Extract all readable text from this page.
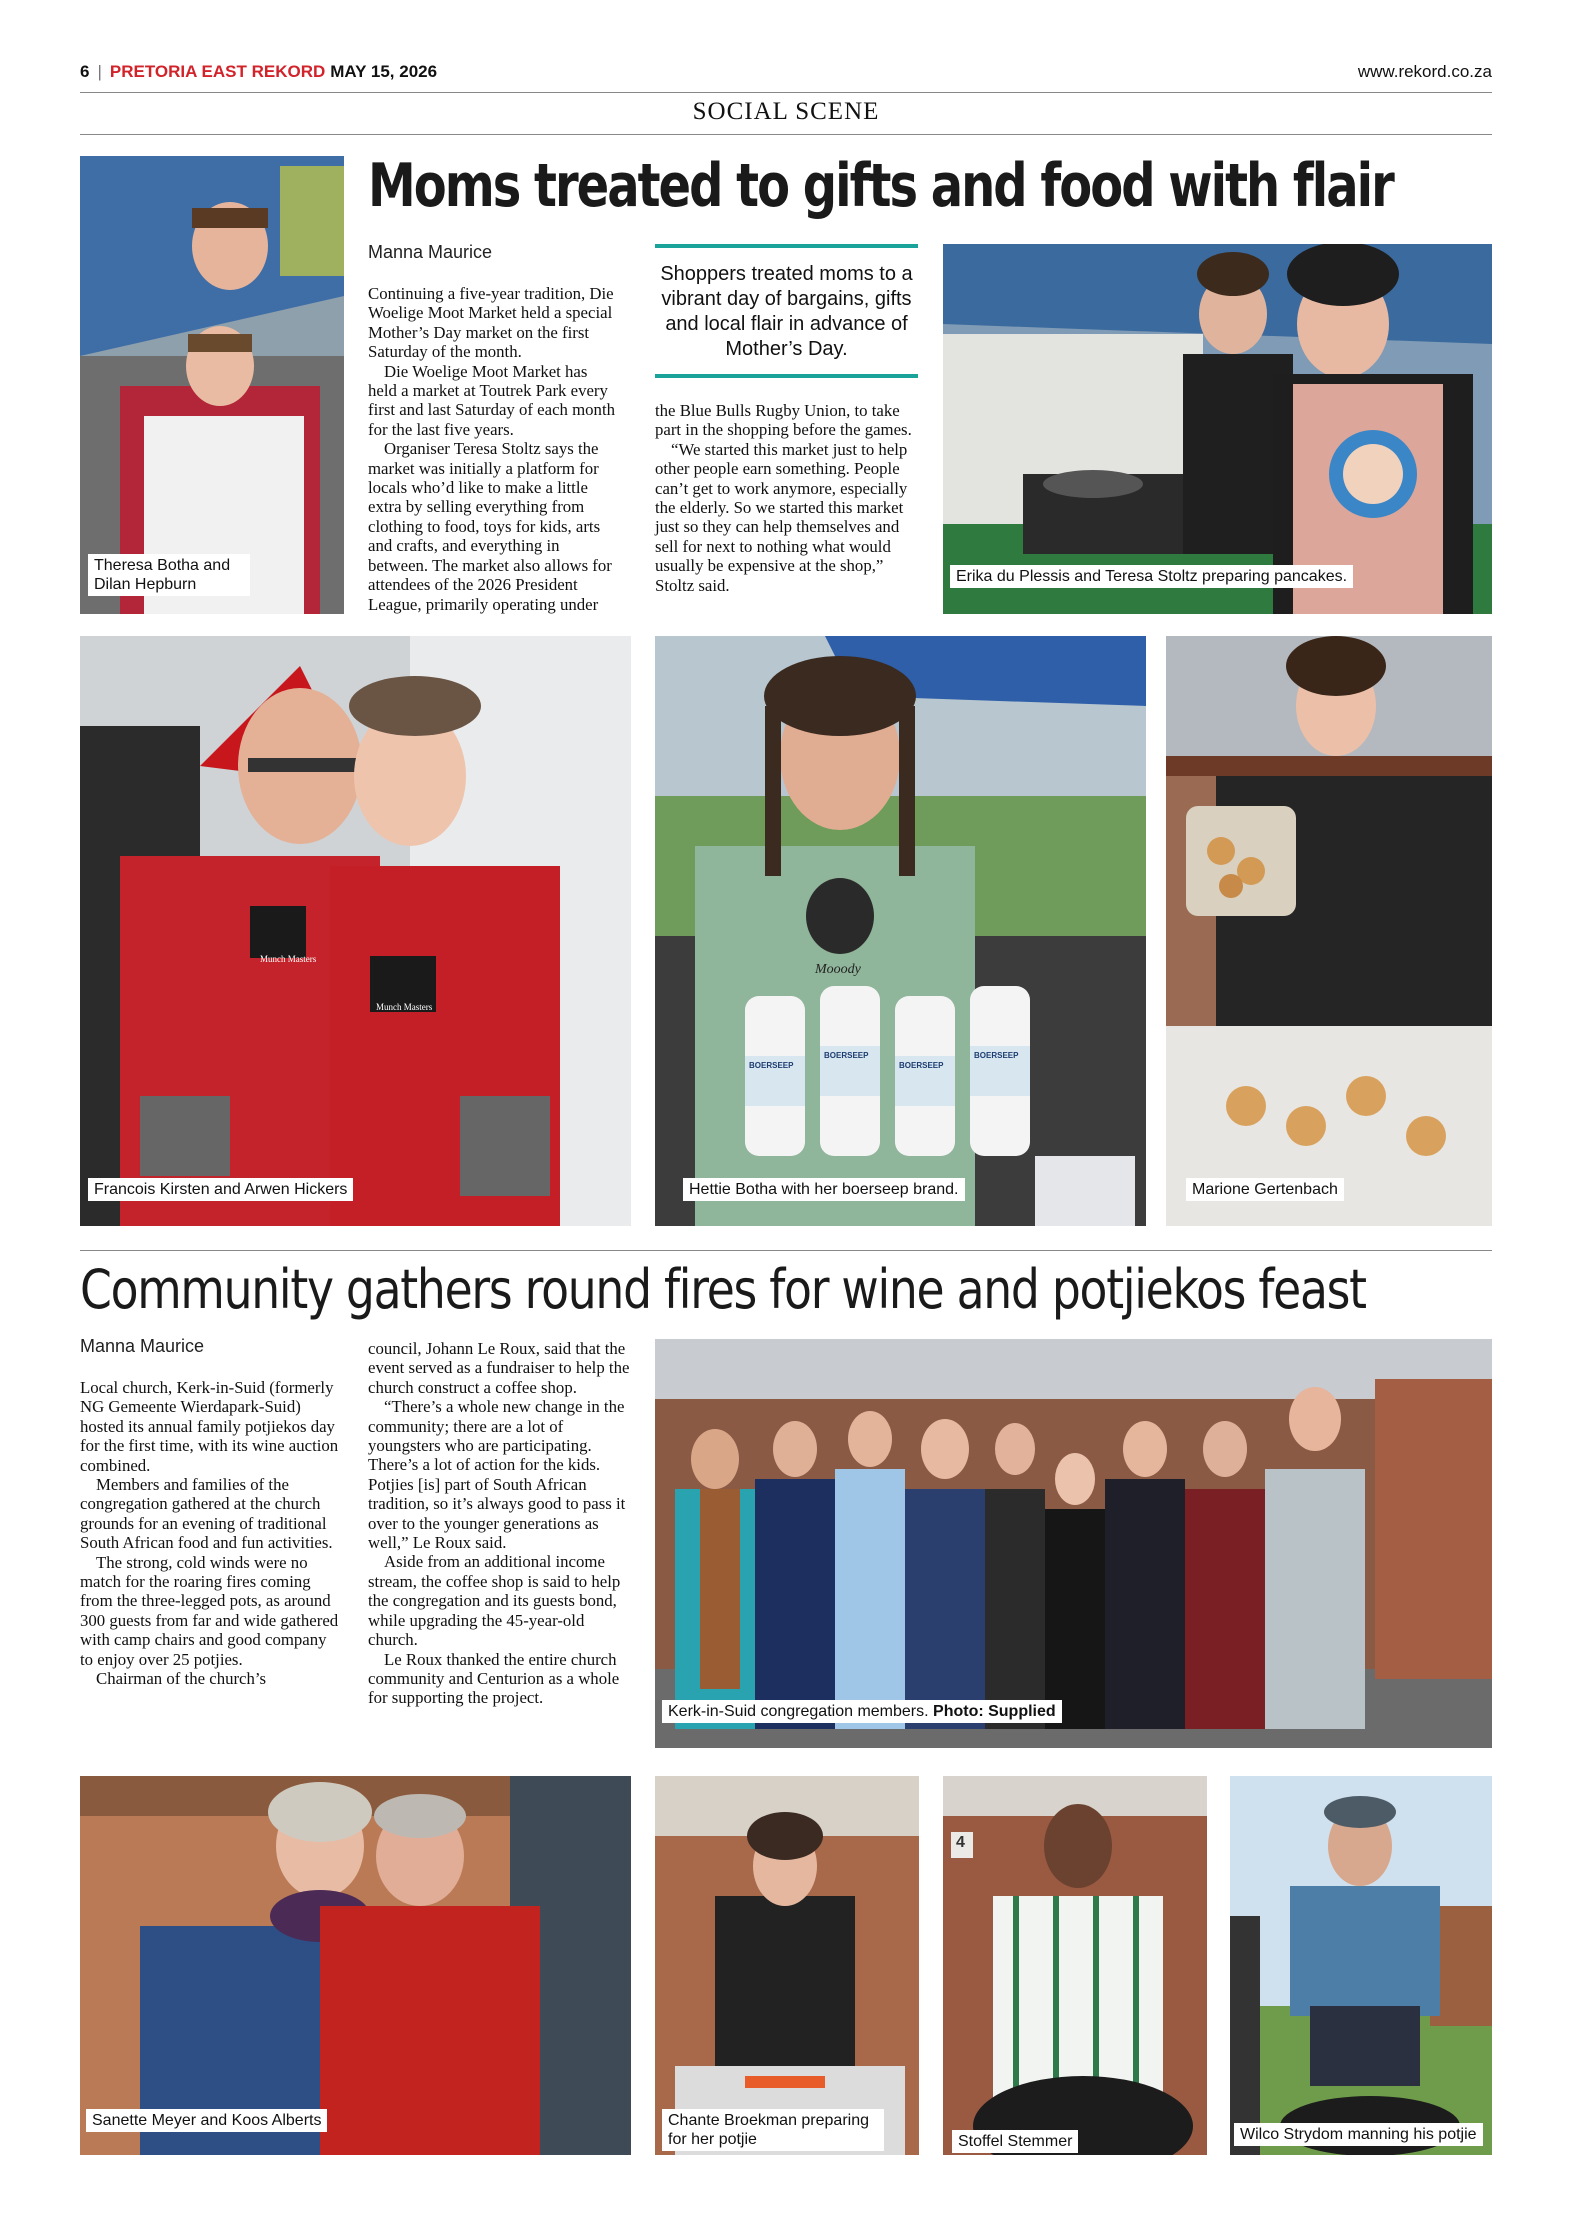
6 | PRETORIA EAST REKORD MAY 15, 2026	www.rekord.co.za
SOCIAL SCENE
Moms treated to gifts and food with flair
Theresa Botha and Dilan Hepburn
Manna Maurice

Continuing a five-year tradition, Die Woelige Moot Market held a special Mother’s Day market on the first Saturday of the month.

Die Woelige Moot Market has held a market at Toutrek Park every first and last Saturday of each month for the last five years.

Organiser Teresa Stoltz says the market was initially a platform for locals who’d like to make a little extra by selling everything from clothing to food, toys for kids, arts and crafts, and everything in between. The market also allows for attendees of the 2026 President League, primarily operating under

Shoppers treated moms to a vibrant day of bargains, gifts and local flair in advance of Mother’s Day.

the Blue Bulls Rugby Union, to take part in the shopping before the games.

“We started this market just to help other people earn something. People can’t get to work anymore, especially the elderly. So we started this market just so they can help themselves and sell for next to nothing what would usually be expensive at the shop,” Stoltz said.	Erika du Plessis and Teresa Stoltz preparing pancakes.
Munch Masters
Munch Masters
Francois Kirsten and Arwen Hickers
Mooody
BOERSEEP
BOERSEEP
BOERSEEP
BOERSEEP
Hettie Botha with her boerseep brand.	Marione Gertenbach
Community gathers round fires for wine and potjiekos feast
Manna Maurice

Local church, Kerk-in-Suid (formerly NG Gemeente Wierdapark-Suid) hosted its annual family potjiekos day for the first time, with its wine auction combined.

Members and families of the congregation gathered at the church grounds for an evening of traditional South African food and fun activities.

The strong, cold winds were no match for the roaring fires coming from the three-legged pots, as around 300 guests from far and wide gathered with camp chairs and good company to enjoy over 25 potjies.

Chairman of the church’s

council, Johann Le Roux, said that the event served as a fundraiser to help the church construct a coffee shop.

“There’s a whole new change in the community; there are a lot of youngsters who are participating. There’s a lot of action for the kids. Potjies [is] part of South African tradition, so it’s always good to pass it over to the younger generations as well,” Le Roux said.

Aside from an additional income stream, the coffee shop is said to help the congregation and its guests bond, while upgrading the 45-year-old church.

Le Roux thanked the entire church community and Centurion as a whole for supporting the project.

Kerk-in-Suid congregation members. Photo: Supplied
Sanette Meyer and Koos Alberts	Chante Broekman preparing for her potjie
4
Stoffel Stemmer	Wilco Strydom manning his potjie
